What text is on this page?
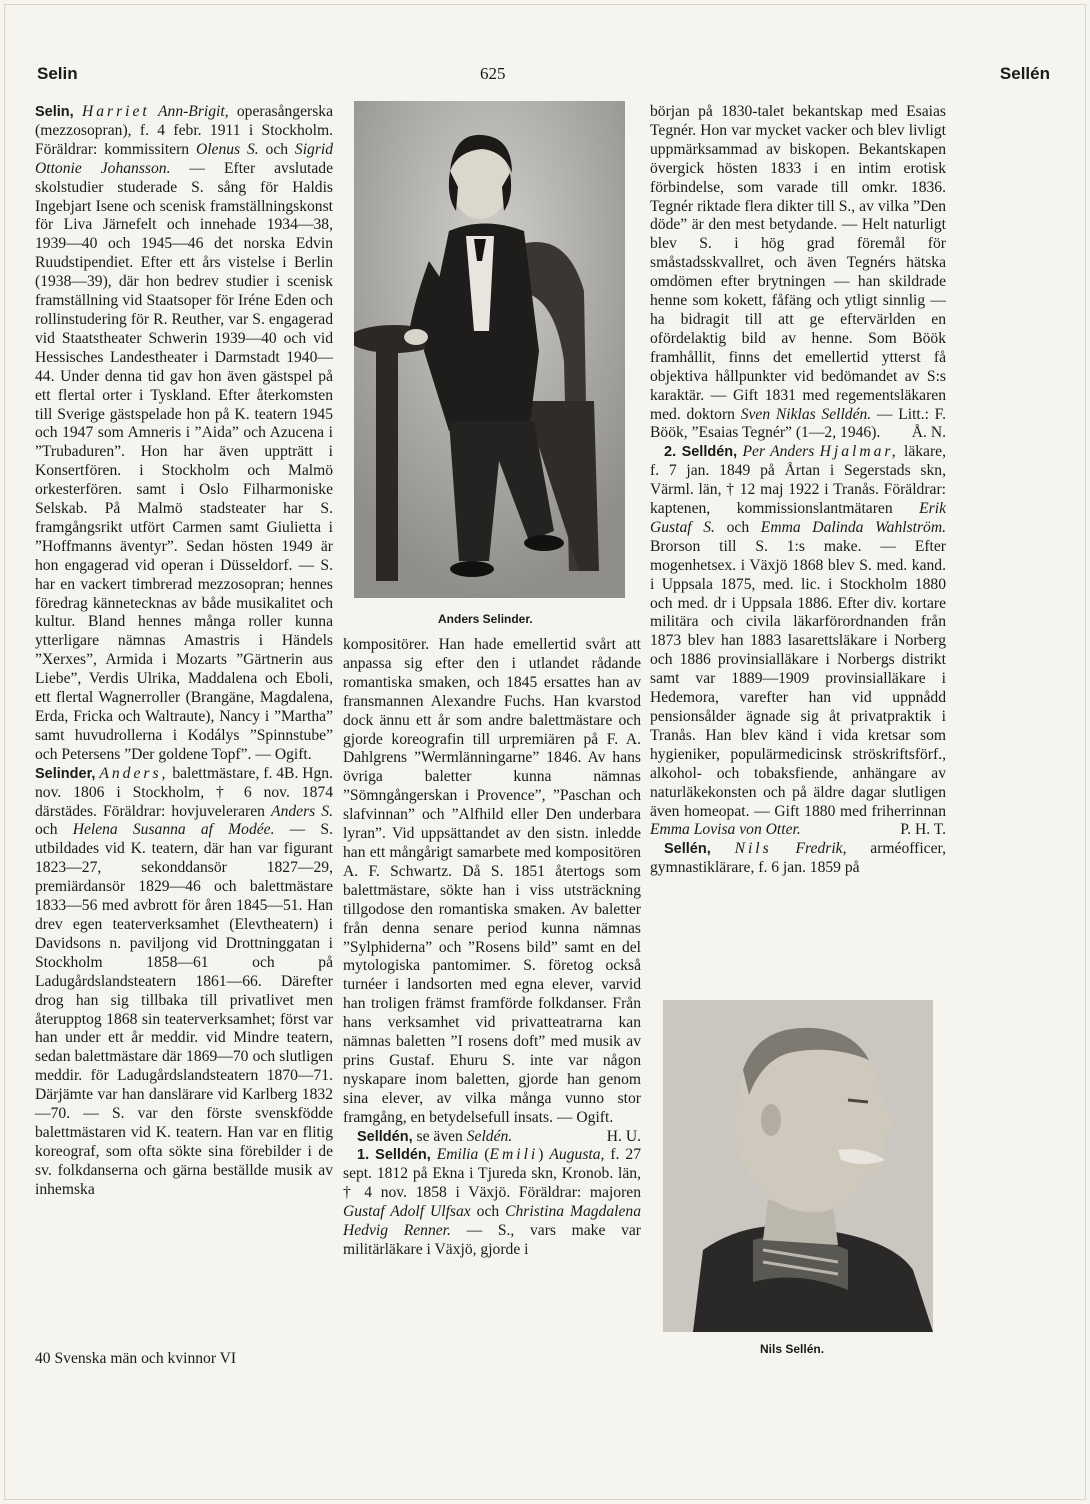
Selin	625	Sellén

Selin, Harriet Ann-Brigit, operasångerska (mezzosopran), f. 4 febr. 1911 i Stockholm. Föräldrar: kommissitern Olenus S. och Sigrid Ottonie Johansson. — Efter avslutade skolstudier studerade S. sång för Haldis Ingebjart Isene och scenisk framställningskonst för Liva Järnefelt och innehade 1934—38, 1939—40 och 1945—46 det norska Edvin Ruudstipendiet. Efter ett års vistelse i Berlin (1938—39), där hon bedrev studier i scenisk framställning vid Staatsoper för Iréne Eden och rollinstudering för R. Reuther, var S. engagerad vid Staatstheater Schwerin 1939—40 och vid Hessisches Landestheater i Darmstadt 1940—44. Under denna tid gav hon även gästspel på ett flertal orter i Tyskland. Efter återkomsten till Sverige gästspelade hon på K. teatern 1945 och 1947 som Amneris i ”Aida” och Azucena i ”Trubaduren”. Hon har även uppträtt i Konsertfören. i Stockholm och Malmö orkesterfören. samt i Oslo Filharmoniske Selskab. På Malmö stadsteater har S. framgångsrikt utfört Carmen samt Giulietta i ”Hoffmanns äventyr”. Sedan hösten 1949 är hon engagerad vid operan i Düsseldorf. — S. har en vackert timbrerad mezzosopran; hennes föredrag kännetecknas av både musikalitet och kultur. Bland hennes många roller kunna ytterligare nämnas Amastris i Händels ”Xerxes”, Armida i Mozarts ”Gärtnerin aus Liebe”, Verdis Ulrika, Maddalena och Eboli, ett flertal Wagnerroller (Brangäne, Magdalena, Erda, Fricka och Waltraute), Nancy i ”Martha” samt huvudrollerna i Kodálys ”Spinnstube” och Petersens ”Der goldene Topf”. — Ogift.
B. Hgn.

Selinder, Anders, balettmästare, f. 4 nov. 1806 i Stockholm, † 6 nov. 1874 därstädes. Föräldrar: hovjuveleraren Anders S. och Helena Susanna af Modée. — S. utbildades vid K. teatern, där han var figurant 1823—27, sekonddansör 1827—29, premiärdansör 1829—46 och balettmästare 1833—56 med avbrott för åren 1845—51. Han drev egen teaterverksamhet (Elevtheatern) i Davidsons n. paviljong vid Drottninggatan i Stockholm 1858—61 och på Ladugårdslandsteatern 1861—66. Därefter drog han sig tillbaka till privatlivet men återupptog 1868 sin teaterverksamhet; först var han under ett år meddir. vid Mindre teatern, sedan balettmästare där 1869—70 och slutligen meddir. för Ladugårdslandsteatern 1870—71. Därjämte var han danslärare vid Karlberg 1832—70. — S. var den förste svenskfödde balettmästaren vid K. teatern. Han var en flitig koreograf, som ofta sökte sina förebilder i de sv. folkdanserna och gärna beställde musik av inhemska

40 Svenska män och kvinnor VI
Anders Selinder.

kompositörer. Han hade emellertid svårt att anpassa sig efter den i utlandet rådande romantiska smaken, och 1845 ersattes han av fransmannen Alexandre Fuchs. Han kvarstod dock ännu ett år som andre balettmästare och gjorde koreografin till urpremiären på F. A. Dahlgrens ”Wermlänningarne” 1846. Av hans övriga baletter kunna nämnas ”Sömngångerskan i Provence”, ”Paschan och slafvinnan” och ”Alfhild eller Den underbara lyran”. Vid uppsättandet av den sistn. inledde han ett mångårigt samarbete med kompositören A. F. Schwartz. Då S. 1851 återtogs som balettmästare, sökte han i viss utsträckning tillgodose den romantiska smaken. Av baletter från denna senare period kunna nämnas ”Sylphiderna” och ”Rosens bild” samt en del mytologiska pantomimer. S. företog också turnéer i landsorten med egna elever, varvid han troligen främst framförde folkdanser. Från hans verksamhet vid privatteatrarna kan nämnas baletten ”I rosens doft” med musik av prins Gustaf. Ehuru S. inte var någon nyskapare inom baletten, gjorde han genom sina elever, av vilka många vunno stor framgång, en betydelsefull insats. — Ogift.
H. U.

Selldén, se även Seldén.

1. Selldén, Emilia (Emili) Augusta, f. 27 sept. 1812 på Ekna i Tjureda skn, Kronob. län, † 4 nov. 1858 i Växjö. Föräldrar: majoren Gustaf Adolf Ulfsax och Christina Magdalena Hedvig Renner. — S., vars make var militärläkare i Växjö, gjorde i

början på 1830-talet bekantskap med Esaias Tegnér. Hon var mycket vacker och blev livligt uppmärksammad av biskopen. Bekantskapen övergick hösten 1833 i en intim erotisk förbindelse, som varade till omkr. 1836. Tegnér riktade flera dikter till S., av vilka ”Den döde” är den mest betydande. — Helt naturligt blev S. i hög grad föremål för småstadsskvallret, och även Tegnérs hätska omdömen efter brytningen — han skildrade henne som kokett, fåfäng och ytligt sinnlig — ha bidragit till att ge eftervärlden en ofördelaktig bild av henne. Som Böök framhållit, finns det emellertid ytterst få objektiva hållpunkter vid bedömandet av S:s karaktär. — Gift 1831 med regementsläkaren med. doktorn Sven Niklas Selldén. — Litt.: F. Böök, ”Esaias Tegnér” (1—2, 1946). Å. N.

2. Selldén, Per Anders Hjalmar, läkare, f. 7 jan. 1849 på Årtan i Segerstads skn, Värml. län, † 12 maj 1922 i Tranås. Föräldrar: kaptenen, kommissionslantmätaren Erik Gustaf S. och Emma Dalinda Wahlström. Brorson till S. 1:s make. — Efter mogenhetsex. i Växjö 1868 blev S. med. kand. i Uppsala 1875, med. lic. i Stockholm 1880 och med. dr i Uppsala 1886. Efter div. kortare militära och civila läkarförordnanden från 1873 blev han 1883 lasarettsläkare i Norberg och 1886 provinsialläkare i Norbergs distrikt samt var 1889—1909 provinsialläkare i Hedemora, varefter han vid uppnådd pensionsålder ägnade sig åt privatpraktik i Tranås. Han blev känd i vida kretsar som hygieniker, populärmedicinsk ströskriftsförf., alkohol- och tobaksfiende, anhängare av naturläkekonsten och på äldre dagar slutligen även homeopat. — Gift 1880 med friherrinnan Emma Lovisa von Otter.	P. H. T.

Sellén, Nils Fredrik, arméofficer, gymnastiklärare, f. 6 jan. 1859 på

Nils Sellén.
